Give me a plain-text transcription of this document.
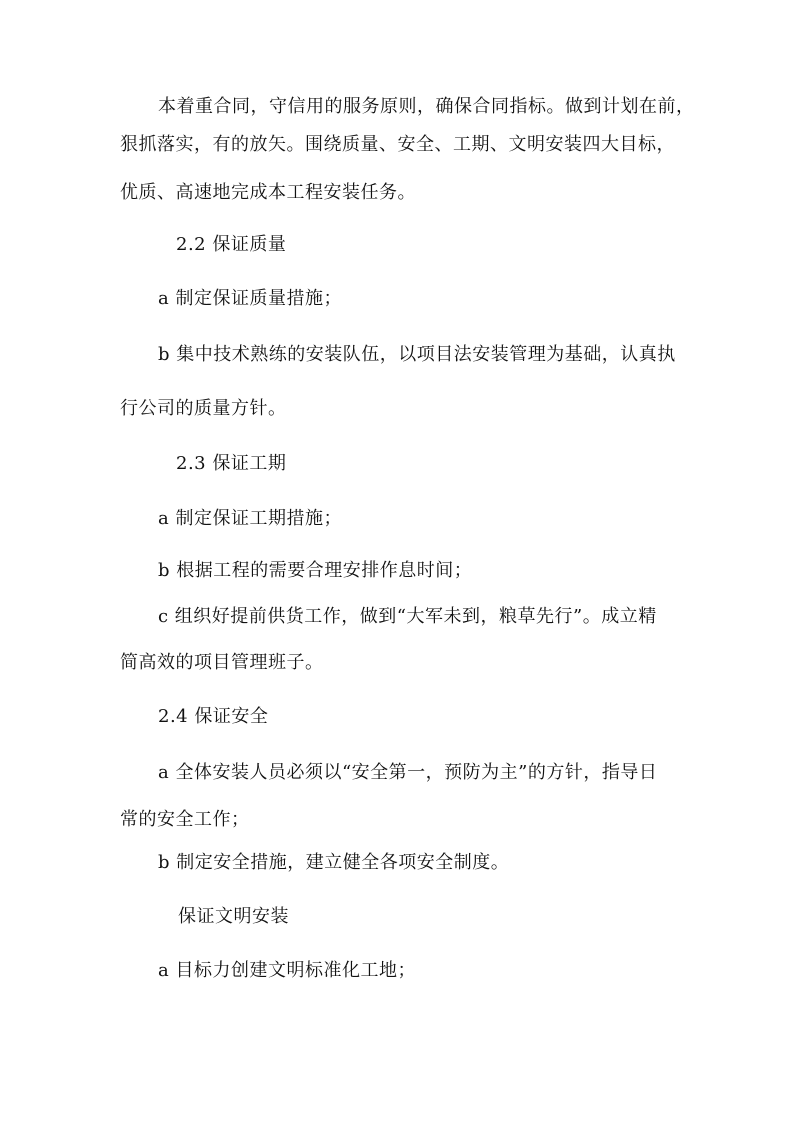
本着重合同，守信用的服务原则，确保合同指标。做到计划在前，
狠抓落实，有的放矢。围绕质量、安全、工期、文明安装四大目标，
优质、高速地完成本工程安装任务。
2.2 保证质量
a 制定保证质量措施；
b 集中技术熟练的安装队伍，以项目法安装管理为基础，认真执
行公司的质量方针。
2.3 保证工期
a 制定保证工期措施；
b 根据工程的需要合理安排作息时间；
c 组织好提前供货工作，做到“大军未到，粮草先行”。成立精
简高效的项目管理班子。
2.4 保证安全
a 全体安装人员必须以“安全第一，预防为主”的方针，指导日
常的安全工作；
b 制定安全措施，建立健全各项安全制度。
保证文明安装
a 目标力创建文明标准化工地；
